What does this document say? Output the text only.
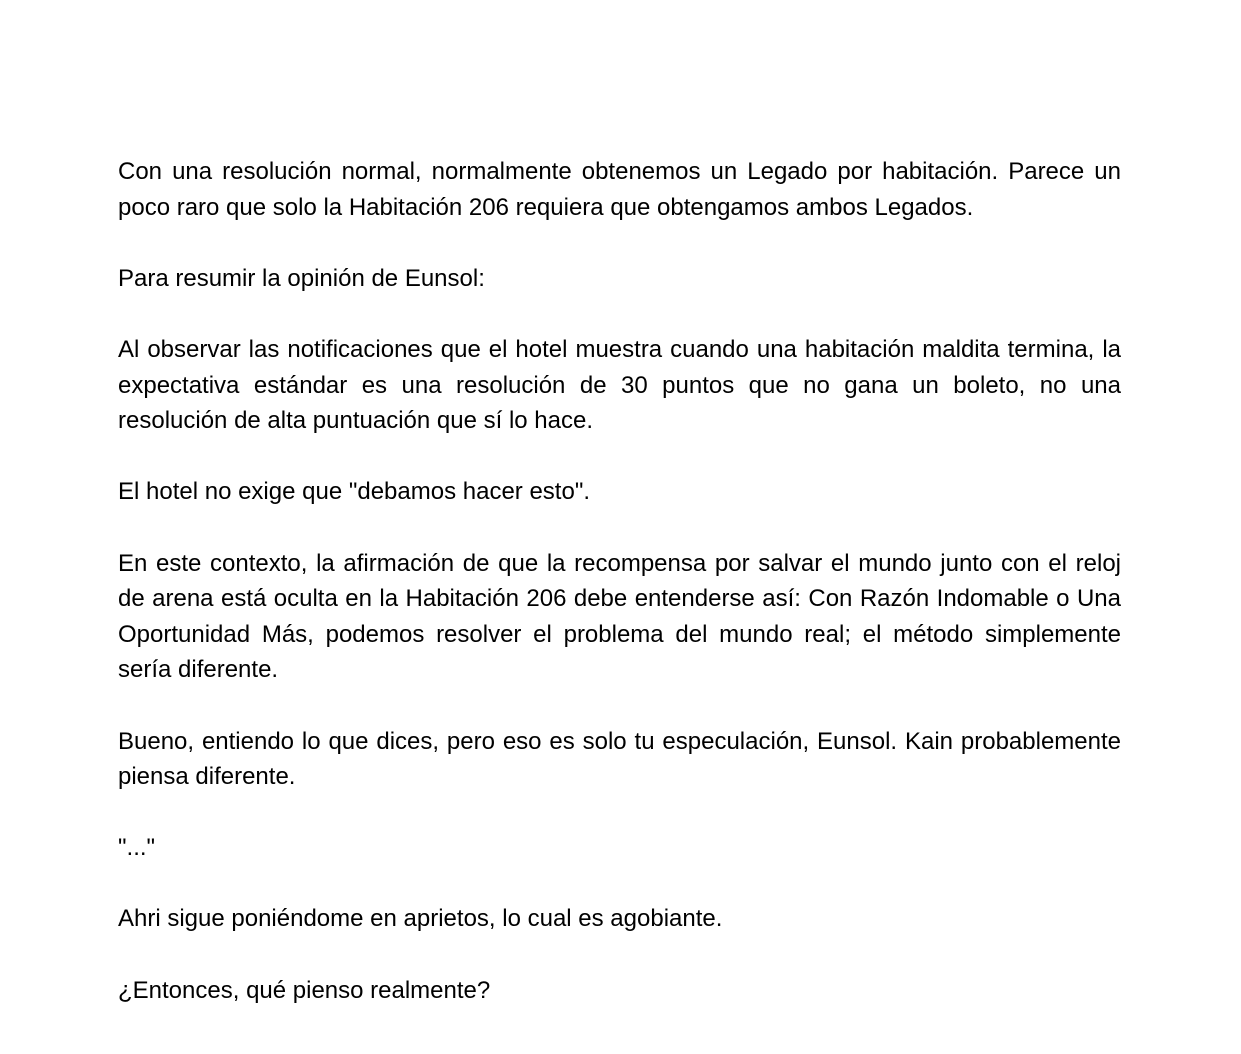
Con una resolución normal, normalmente obtenemos un Legado por habitación. Parece un poco raro que solo la Habitación 206 requiera que obtengamos ambos Legados.

Para resumir la opinión de Eunsol:

Al observar las notificaciones que el hotel muestra cuando una habitación maldita termina, la expectativa estándar es una resolución de 30 puntos que no gana un boleto, no una resolución de alta puntuación que sí lo hace.

El hotel no exige que "debamos hacer esto".

En este contexto, la afirmación de que la recompensa por salvar el mundo junto con el reloj de arena está oculta en la Habitación 206 debe entenderse así: Con Razón Indomable o Una Oportunidad Más, podemos resolver el problema del mundo real; el método simplemente sería diferente.

Bueno, entiendo lo que dices, pero eso es solo tu especulación, Eunsol. Kain probablemente piensa diferente.

"..."

Ahri sigue poniéndome en aprietos, lo cual es agobiante.

¿Entonces, qué pienso realmente?
